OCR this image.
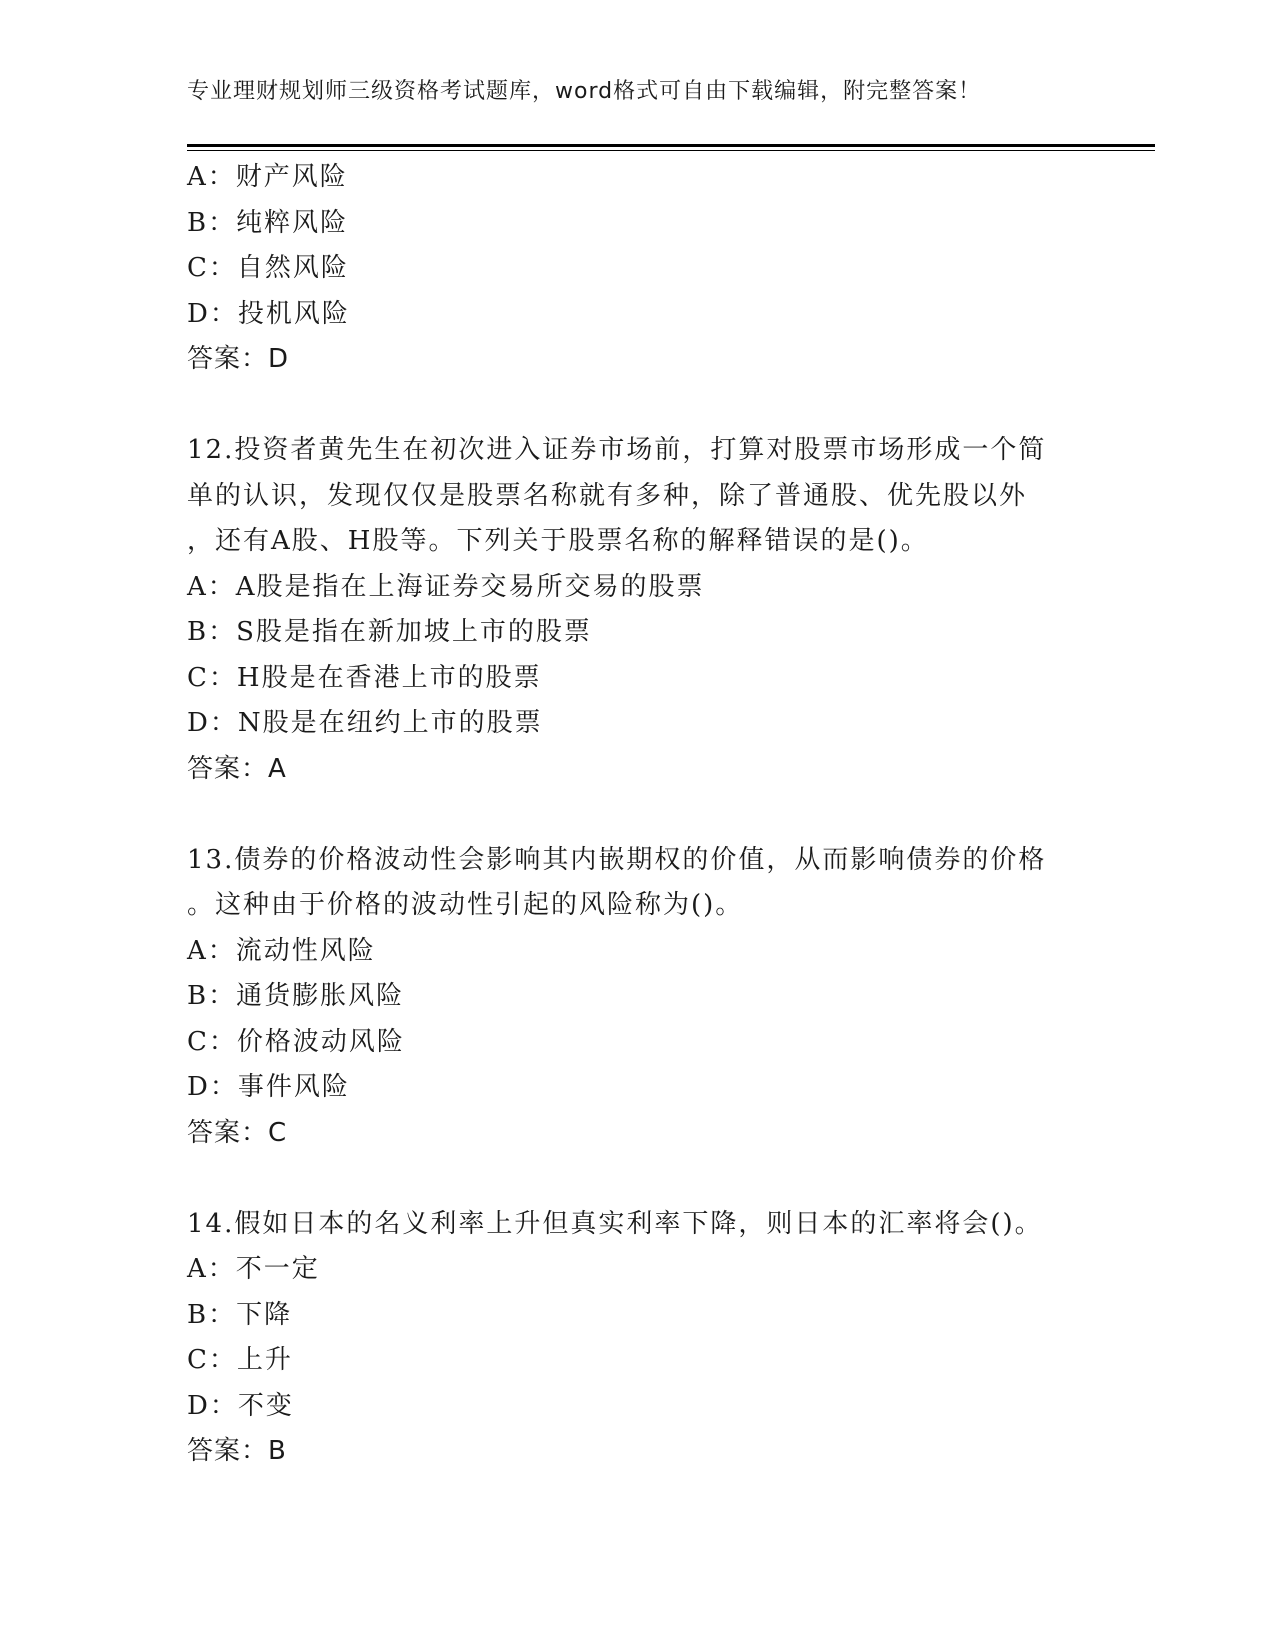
专业理财规划师三级资格考试题库，word格式可自由下载编辑，附完整答案！
A：财产风险
B：纯粹风险
C：自然风险
D：投机风险
答案：D
12.投资者黄先生在初次进入证券市场前，打算对股票市场形成一个简
单的认识，发现仅仅是股票名称就有多种，除了普通股、优先股以外
，还有A股、H股等。下列关于股票名称的解释错误的是()。
A：A股是指在上海证券交易所交易的股票
B：S股是指在新加坡上市的股票
C：H股是在香港上市的股票
D：N股是在纽约上市的股票
答案：A
13.债券的价格波动性会影响其内嵌期权的价值，从而影响债券的价格
。这种由于价格的波动性引起的风险称为()。
A：流动性风险
B：通货膨胀风险
C：价格波动风险
D：事件风险
答案：C
14.假如日本的名义利率上升但真实利率下降，则日本的汇率将会()。
A：不一定
B：下降
C：上升
D：不变
答案：B
